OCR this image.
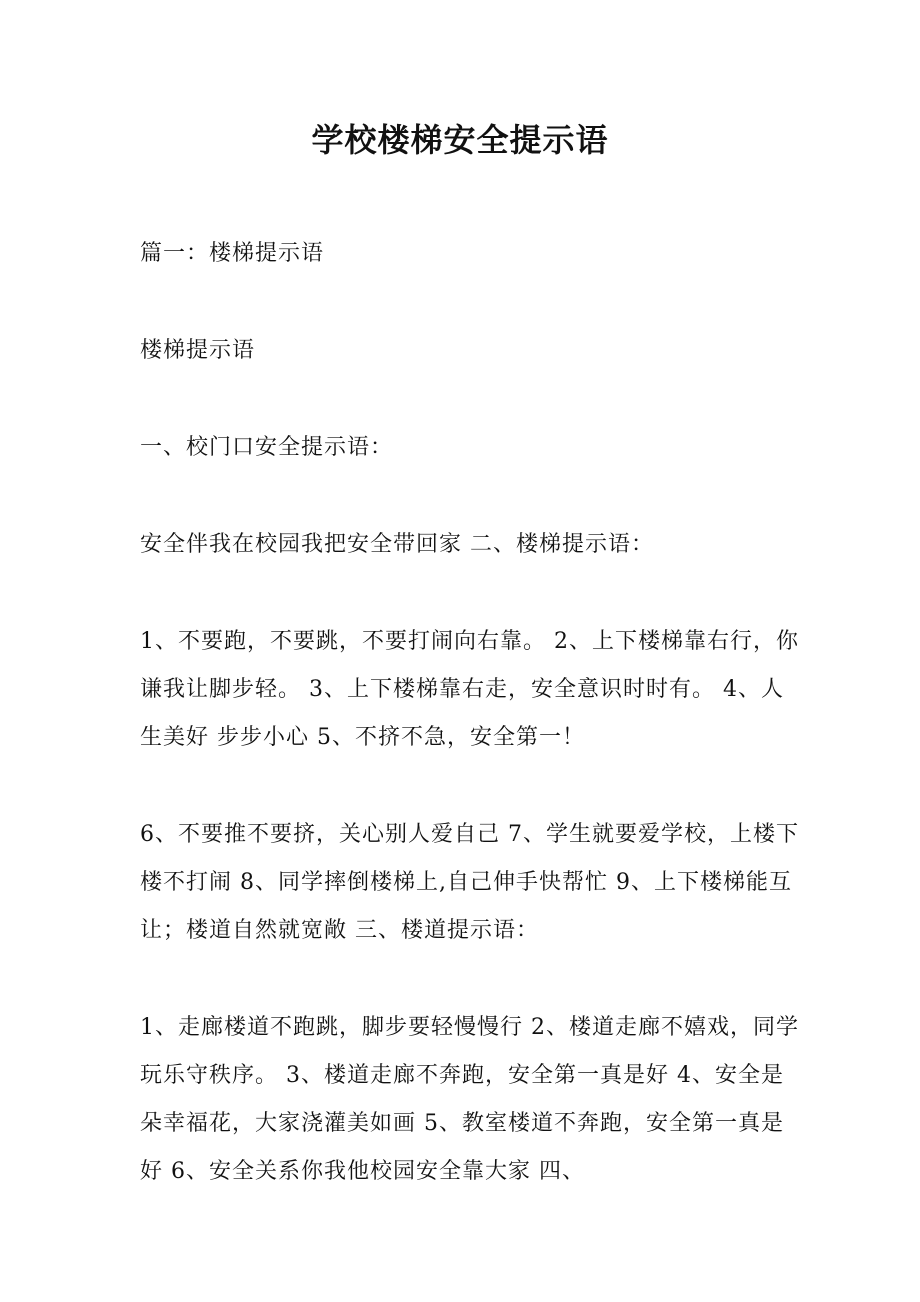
学校楼梯安全提示语

篇一：楼梯提示语

楼梯提示语

一、校门口安全提示语：

安全伴我在校园我把安全带回家 二、楼梯提示语：

1、不要跑，不要跳，不要打闹向右靠。 2、上下楼梯靠右行，你谦我让脚步轻。 3、上下楼梯靠右走，安全意识时时有。 4、人生美好 步步小心 5、不挤不急，安全第一！

6、不要推不要挤，关心别人爱自己 7、学生就要爱学校，上楼下楼不打闹 8、同学摔倒楼梯上,自己伸手快帮忙 9、上下楼梯能互让；楼道自然就宽敞 三、楼道提示语：

1、走廊楼道不跑跳，脚步要轻慢慢行 2、楼道走廊不嬉戏，同学玩乐守秩序。 3、楼道走廊不奔跑，安全第一真是好 4、安全是朵幸福花，大家浇灌美如画 5、教室楼道不奔跑，安全第一真是好 6、安全关系你我他校园安全靠大家 四、
